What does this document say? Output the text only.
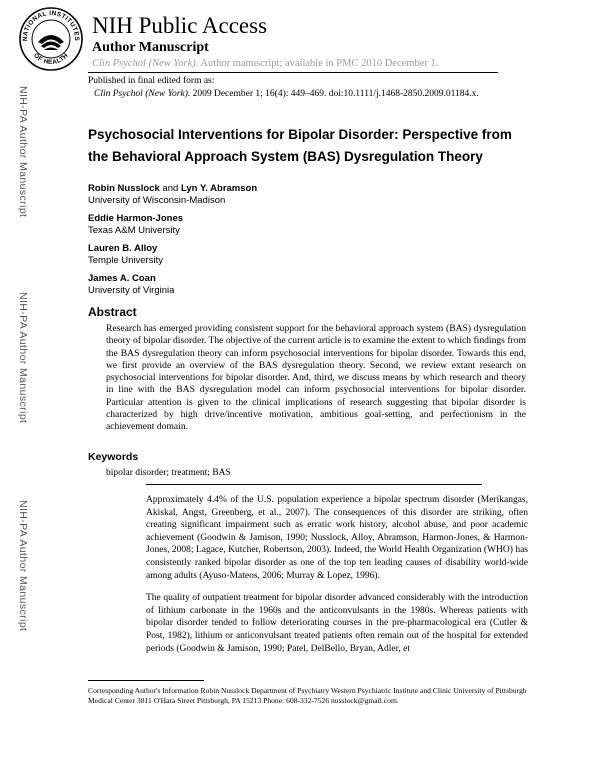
NATIONAL INSTITUTES
OF HEALTH
NIH Public Access
Author Manuscript
Clin Psychol (New York). Author manuscript; available in PMC 2010 December 1.
Published in final edited form as:
Clin Psychol (New York). 2009 December 1; 16(4): 449–469. doi:10.1111/j.1468-2850.2009.01184.x.
NIH-PA Author Manuscript
NIH-PA Author Manuscript
NIH-PA Author Manuscript
Psychosocial Interventions for Bipolar Disorder: Perspective from the Behavioral Approach System (BAS) Dysregulation Theory
Robin Nusslock and Lyn Y. Abramson
University of Wisconsin-Madison
Eddie Harmon-Jones
Texas A&M University
Lauren B. Alloy
Temple University
James A. Coan
University of Virginia
Abstract
Research has emerged providing consistent support for the behavioral approach system (BAS) dysregulation theory of bipolar disorder. The objective of the current article is to examine the extent to which findings from the BAS dysregulation theory can inform psychosocial interventions for bipolar disorder. Towards this end, we first provide an overview of the BAS dysregulation theory. Second, we review extant research on psychosocial interventions for bipolar disorder. And, third, we discuss means by which research and theory in line with the BAS dysregulation model can inform psychosocial interventions for bipolar disorder. Particular attention is given to the clinical implications of research suggesting that bipolar disorder is characterized by high drive/incentive motivation, ambitious goal-setting, and perfectionism in the achievement domain.
Keywords
bipolar disorder; treatment; BAS

Approximately 4.4% of the U.S. population experience a bipolar spectrum disorder (Merikangas, Akiskal, Angst, Greenberg, et al., 2007). The consequences of this disorder are striking, often creating significant impairment such as erratic work history, alcohol abuse, and poor academic achievement (Goodwin & Jamison, 1990; Nusslock, Alloy, Abramson, Harmon-Jones, & Harmon-Jones, 2008; Lagace, Kutcher, Robertson, 2003). Indeed, the World Health Organization (WHO) has consistently ranked bipolar disorder as one of the top ten leading causes of disability world-wide among adults (Ayuso-Mateos, 2006; Murray & Lopez, 1996).

The quality of outpatient treatment for bipolar disorder advanced considerably with the introduction of lithium carbonate in the 1960s and the anticonvulsants in the 1980s. Whereas patients with bipolar disorder tended to follow deteriorating courses in the pre-pharmacological era (Cutler & Post, 1982), lithium or anticonvulsant treated patients often remain out of the hospital for extended periods (Goodwin & Jamison, 1990; Patel, DelBello, Bryan, Adler, et

Corresponding Author's Information Robin Nusslock Department of Psychiatry Western Psychiatric Institute and Clinic University of Pittsburgh Medical Center 3811 O'Hara Street Pittsburgh, PA 15213 Phone: 608-332-7526 nusslock@gmail.com.
